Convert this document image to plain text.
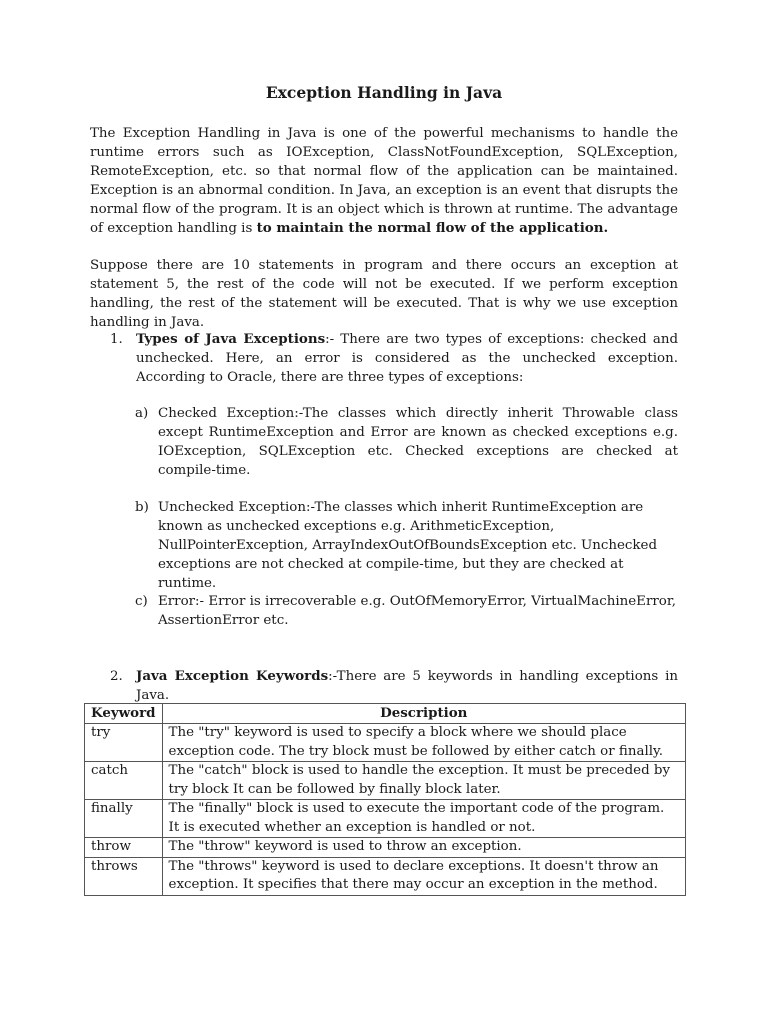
Exception Handling in Java

The Exception Handling in Java is one of the powerful mechanisms to handle the runtime errors such as IOException, ClassNotFoundException, SQLException, RemoteException, etc. so that normal flow of the application can be maintained. Exception is an abnormal condition. In Java, an exception is an event that disrupts the normal flow of the program. It is an object which is thrown at runtime. The advantage of exception handling is to maintain the normal flow of the application.

Suppose there are 10 statements in program and there occurs an exception at statement 5, the rest of the code will not be executed. If we perform exception handling, the rest of the statement will be executed. That is why we use exception handling in Java.

1. Types of Java Exceptions:- There are two types of exceptions: checked and unchecked. Here, an error is considered as the unchecked exception. According to Oracle, there are three types of exceptions:
a) Checked Exception:-The classes which directly inherit Throwable class except RuntimeException and Error are known as checked exceptions e.g. IOException, SQLException etc. Checked exceptions are checked at compile-time.
b) Unchecked Exception:-The classes which inherit RuntimeException are known as unchecked exceptions e.g. ArithmeticException, NullPointerException, ArrayIndexOutOfBoundsException etc. Unchecked exceptions are not checked at compile-time, but they are checked at runtime.
c) Error:- Error is irrecoverable e.g. OutOfMemoryError, VirtualMachineError, AssertionError etc.
2. Java Exception Keywords:-There are 5 keywords in handling exceptions in Java.
Keyword	Description
try	The "try" keyword is used to specify a block where we should place exception code. The try block must be followed by either catch or finally.
catch	The "catch" block is used to handle the exception. It must be preceded by try block It can be followed by finally block later.
finally	The "finally" block is used to execute the important code of the program. It is executed whether an exception is handled or not.
throw	The "throw" keyword is used to throw an exception.
throws	The "throws" keyword is used to declare exceptions. It doesn't throw an exception. It specifies that there may occur an exception in the method.
